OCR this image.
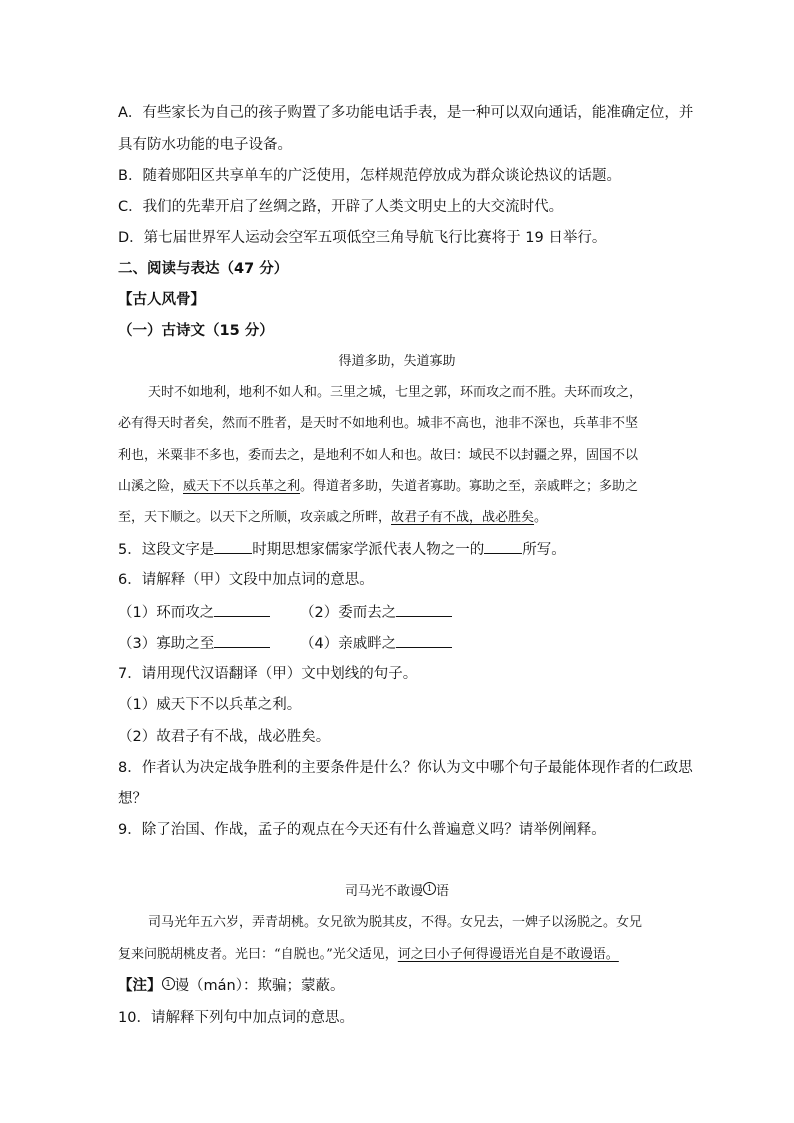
A．有些家长为自己的孩子购置了多功能电话手表，是一种可以双向通话，能准确定位，并
具有防水功能的电子设备。
B．随着郧阳区共享单车的广泛使用，怎样规范停放成为群众谈论热议的话题。
C．我们的先辈开启了丝绸之路，开辟了人类文明史上的大交流时代。
D．第七届世界军人运动会空军五项低空三角导航飞行比赛将于 19 日举行。
二、阅读与表达（47 分）
【古人风骨】
（一）古诗文（15 分）
得道多助，失道寡助
天时不如地利，地利不如人和。三里之城，七里之郭，环而攻之而不胜。夫环而攻之，
必有得天时者矣，然而不胜者，是天时不如地利也。城非不高也，池非不深也，兵革非不坚
利也，米粟非不多也，委而去之，是地利不如人和也。故曰：域民不以封疆之界，固国不以
山溪之险，威天下不以兵革之利。得道者多助，失道者寡助。寡助之至，亲戚畔之；多助之
至，天下顺之。以天下之所顺，攻亲戚之所畔，故君子有不战，战必胜矣。
5．这段文字是	时期思想家儒家学派代表人物之一的	所写。
6．请解释（甲）文段中加点词的意思。
（1）环而攻之	（2）委而去之
（3）寡助之至	（4）亲戚畔之
7．请用现代汉语翻译（甲）文中划线的句子。
（1）威天下不以兵革之利。
（2）故君子有不战，战必胜矣。
8．作者认为决定战争胜利的主要条件是什么？你认为文中哪个句子最能体现作者的仁政思
想？
9．除了治国、作战，孟子的观点在今天还有什么普遍意义吗？请举例阐释。
司马光不敢谩 1 语
司马光年五六岁，弄青胡桃。女兄欲为脱其皮，不得。女兄去，一婢子以汤脱之。女兄
复来问脱胡桃皮者。光曰：“自脱也。”光父适见，诃之曰小子何得谩语光自是不敢谩语。
【注】 1 谩（mán）：欺骗；蒙蔽。
10．请解释下列句中加点词的意思。
